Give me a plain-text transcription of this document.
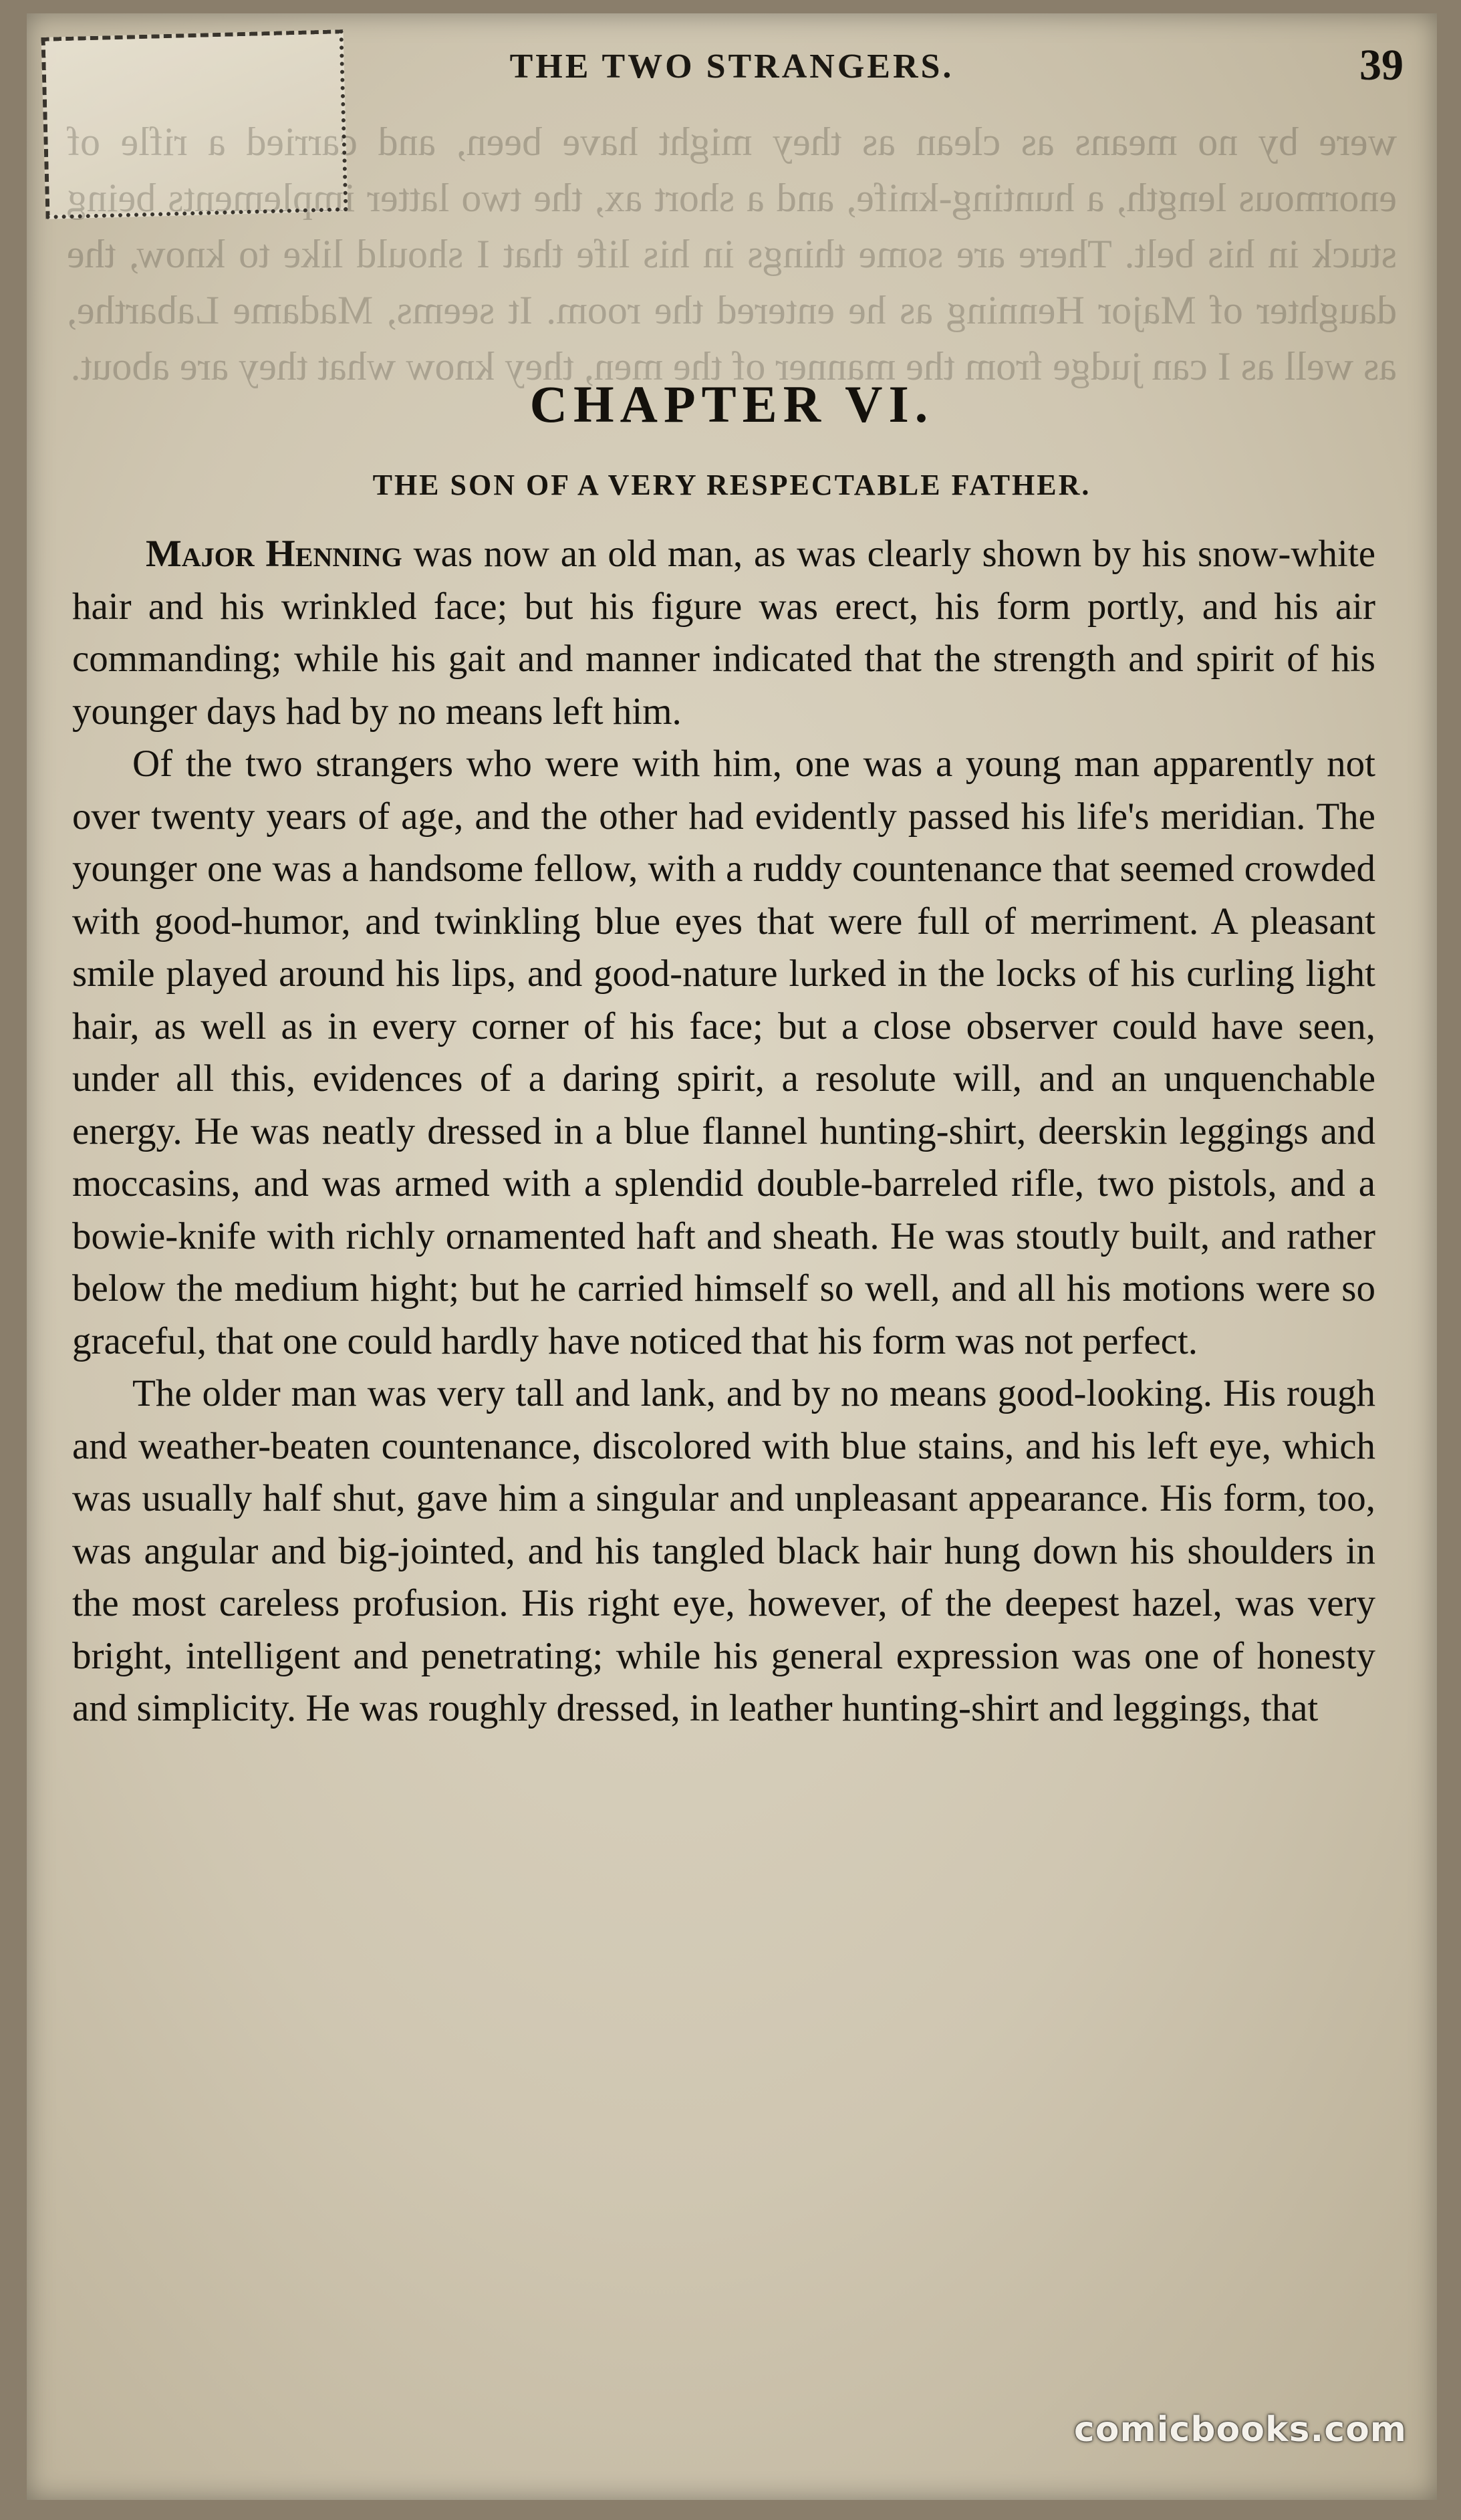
were by no means as clean as they might have been, and carried a rifle of enormous length, a hunting-knife, and a short ax, the two latter implements being stuck in his belt. There are some things in his life that I should like to know, the daughter of Major Henning as he entered the room. It seems, Madame Labarthe, as well as I can judge from the manner of the men, they know what they are about.
THE TWO STRANGERS.	39
CHAPTER VI.
THE SON OF A VERY RESPECTABLE FATHER.

Major Henning was now an old man, as was clearly shown by his snow-white hair and his wrinkled face; but his figure was erect, his form portly, and his air commanding; while his gait and manner indicated that the strength and spirit of his younger days had by no means left him.

Of the two strangers who were with him, one was a young man apparently not over twenty years of age, and the other had evidently passed his life's meridian. The younger one was a handsome fellow, with a ruddy countenance that seemed crowded with good-humor, and twinkling blue eyes that were full of merriment. A pleasant smile played around his lips, and good-nature lurked in the locks of his curling light hair, as well as in every corner of his face; but a close observer could have seen, under all this, evidences of a daring spirit, a resolute will, and an unquenchable energy. He was neatly dressed in a blue flannel hunting-shirt, deerskin leggings and moccasins, and was armed with a splendid double-barreled rifle, two pistols, and a bowie-knife with richly ornamented haft and sheath. He was stoutly built, and rather below the medium hight; but he carried himself so well, and all his motions were so graceful, that one could hardly have noticed that his form was not perfect.

The older man was very tall and lank, and by no means good-looking. His rough and weather-beaten countenance, discolored with blue stains, and his left eye, which was usually half shut, gave him a singular and unpleasant appearance. His form, too, was angular and big-jointed, and his tangled black hair hung down his shoulders in the most careless profusion. His right eye, however, of the deepest hazel, was very bright, intelligent and penetrating; while his general expression was one of honesty and simplicity. He was roughly dressed, in leather hunting-shirt and leggings, that

comicbooks.com
